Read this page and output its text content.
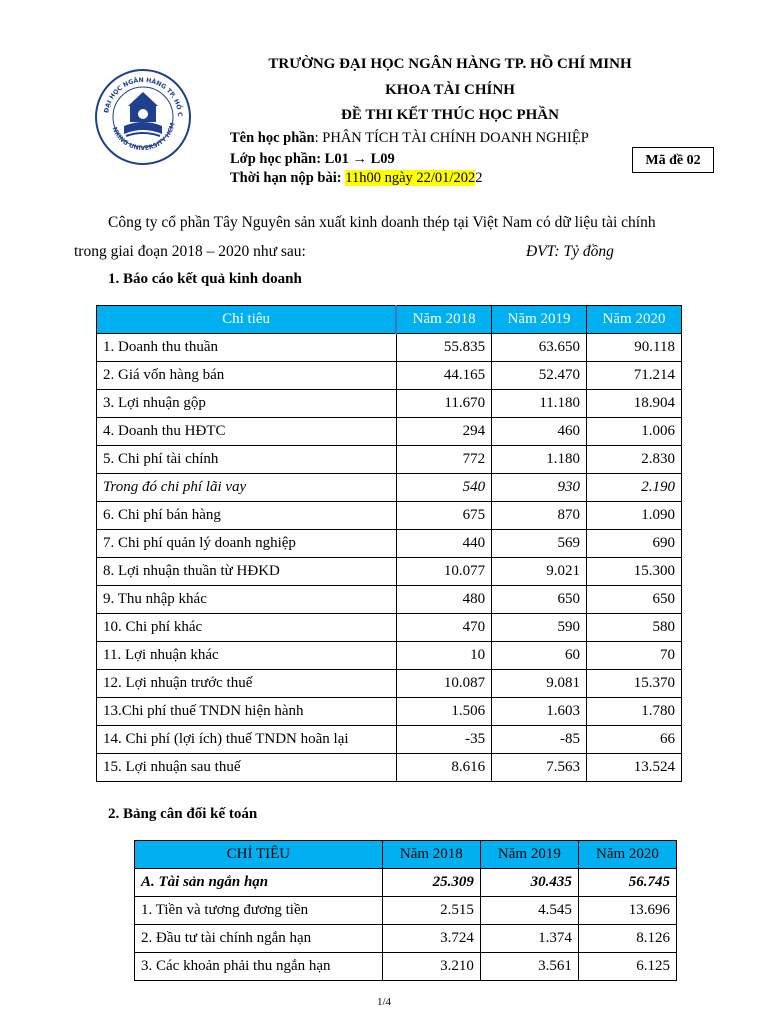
ĐẠI HỌC NGÂN HÀNG TP. HỒ C
NKING UNIVERSITY HCM
TRƯỜNG ĐẠI HỌC NGÂN HÀNG TP. HỒ CHÍ MINH
KHOA TÀI CHÍNH
ĐỀ THI KẾT THÚC HỌC PHẦN
Tên học phần: PHÂN TÍCH TÀI CHÍNH DOANH NGHIỆP
Lớp học phần: L01 → L09
Thời hạn nộp bài: 11h00 ngày 22/01/2022
Mã đề 02
Công ty cổ phần Tây Nguyên sản xuất kinh doanh thép tại Việt Nam có dữ liệu tài chính
trong giai đoạn 2018 – 2020 như sau:	ĐVT: Tỷ đồng
1. Báo cáo kết quả kinh doanh
Chỉ tiêu	Năm 2018	Năm 2019	Năm 2020
1. Doanh thu thuần	55.835	63.650	90.118
2. Giá vốn hàng bán	44.165	52.470	71.214
3. Lợi nhuận gộp	11.670	11.180	18.904
4. Doanh thu HĐTC	294	460	1.006
5. Chi phí tài chính	772	1.180	2.830
Trong đó chi phí lãi vay	540	930	2.190
6. Chi phí bán hàng	675	870	1.090
7. Chi phí quản lý doanh nghiệp	440	569	690
8. Lợi nhuận thuần từ HĐKD	10.077	9.021	15.300
9. Thu nhập khác	480	650	650
10. Chi phí khác	470	590	580
11. Lợi nhuận khác	10	60	70
12. Lợi nhuận trước thuế	10.087	9.081	15.370
13.Chi phí thuế TNDN hiện hành	1.506	1.603	1.780
14. Chi phí (lợi ích) thuế TNDN hoãn lại	-35	-85	66
15. Lợi nhuận sau thuế	8.616	7.563	13.524
2. Bảng cân đối kế toán
CHỈ TIÊU	Năm 2018	Năm 2019	Năm 2020
A. Tài sản ngắn hạn	25.309	30.435	56.745
1. Tiền và tương đương tiền	2.515	4.545	13.696
2. Đầu tư tài chính ngắn hạn	3.724	1.374	8.126
3. Các khoản phải thu ngắn hạn	3.210	3.561	6.125
1/4
